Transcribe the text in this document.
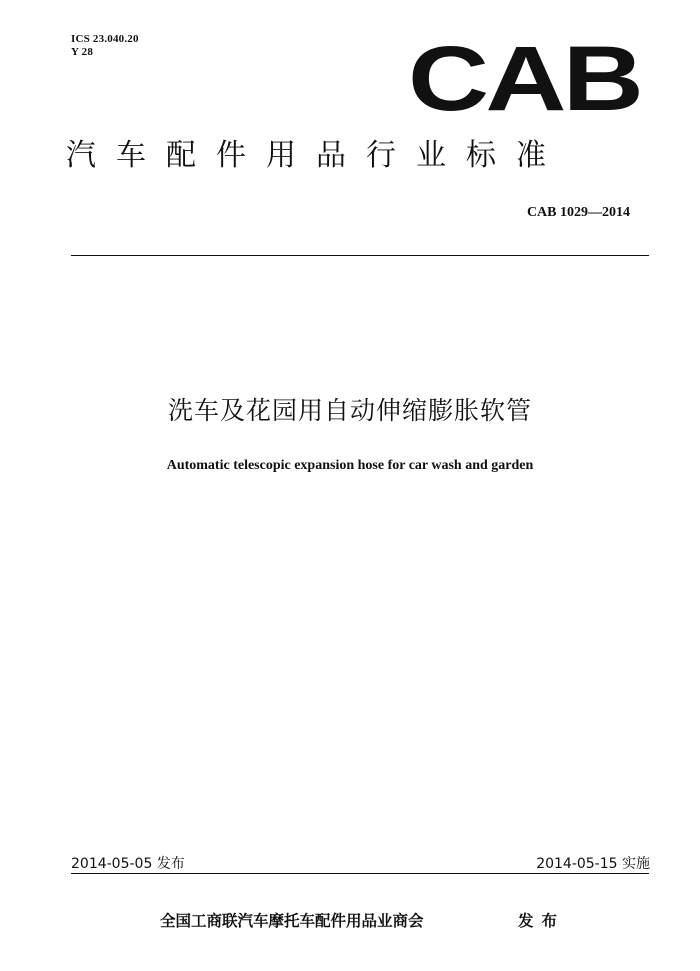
ICS 23.040.20
Y 28	CAB
汽车配件用品行业标准
CAB 1029—2014
洗车及花园用自动伸缩膨胀软管
Automatic telescopic expansion hose for car wash and garden
2014-05-05 发布	2014-05-15 实施
全国工商联汽车摩托车配件用品业商会	发布
